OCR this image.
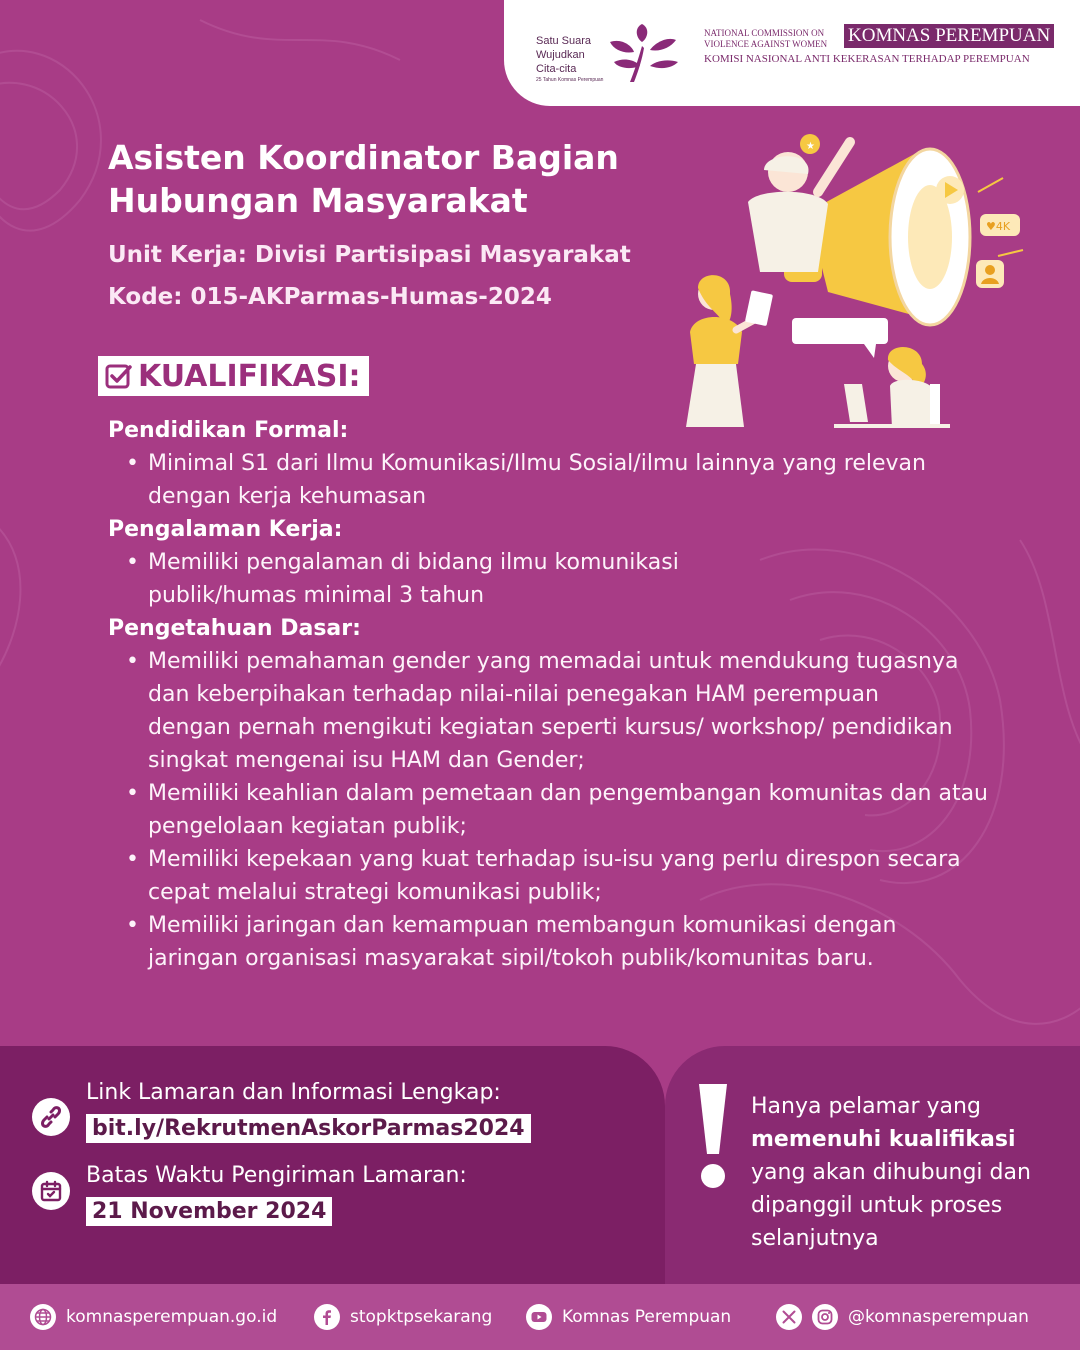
Satu Suara
Wujudkan
Cita-cita
25 Tahun Komnas Perempuan
NATIONAL COMMISSION ON VIOLENCE AGAINST WOMEN	KOMNAS PEREMPUAN
KOMISI NASIONAL ANTI KEKERASAN TERHADAP PEREMPUAN
Asisten Koordinator Bagian Hubungan Masyarakat

Unit Kerja: Divisi Partisipasi Masyarakat

Kode: 015-AKParmas-Humas-2024

★
♥4K
KUALIFIKASI:
Pendidikan Formal:
• Minimal S1 dari Ilmu Komunikasi/Ilmu Sosial/ilmu lainnya yang relevan dengan kerja kehumasan
Pengalaman Kerja:
• Memiliki pengalaman di bidang ilmu komunikasi publik/humas minimal 3 tahun
Pengetahuan Dasar:
• Memiliki pemahaman gender yang memadai untuk mendukung tugasnya dan keberpihakan terhadap nilai-nilai penegakan HAM perempuan dengan pernah mengikuti kegiatan seperti kursus/ workshop/ pendidikan singkat mengenai isu HAM dan Gender;
• Memiliki keahlian dalam pemetaan dan pengembangan komunitas dan atau pengelolaan kegiatan publik;
• Memiliki kepekaan yang kuat terhadap isu-isu yang perlu direspon secara cepat melalui strategi komunikasi publik;
• Memiliki jaringan dan kemampuan membangun komunikasi dengan jaringan organisasi masyarakat sipil/tokoh publik/komunitas baru.

Link Lamaran dan Informasi Lengkap:

bit.ly/RekrutmenAskorParmas2024

Batas Waktu Pengiriman Lamaran:

21 November 2024

Hanya pelamar yang
memenuhi kualifikasi
yang akan dihubungi dan dipanggil untuk proses selanjutnya

komnasperempuan.go.id	stopktpsekarang	Komnas Perempuan	@komnasperempuan
